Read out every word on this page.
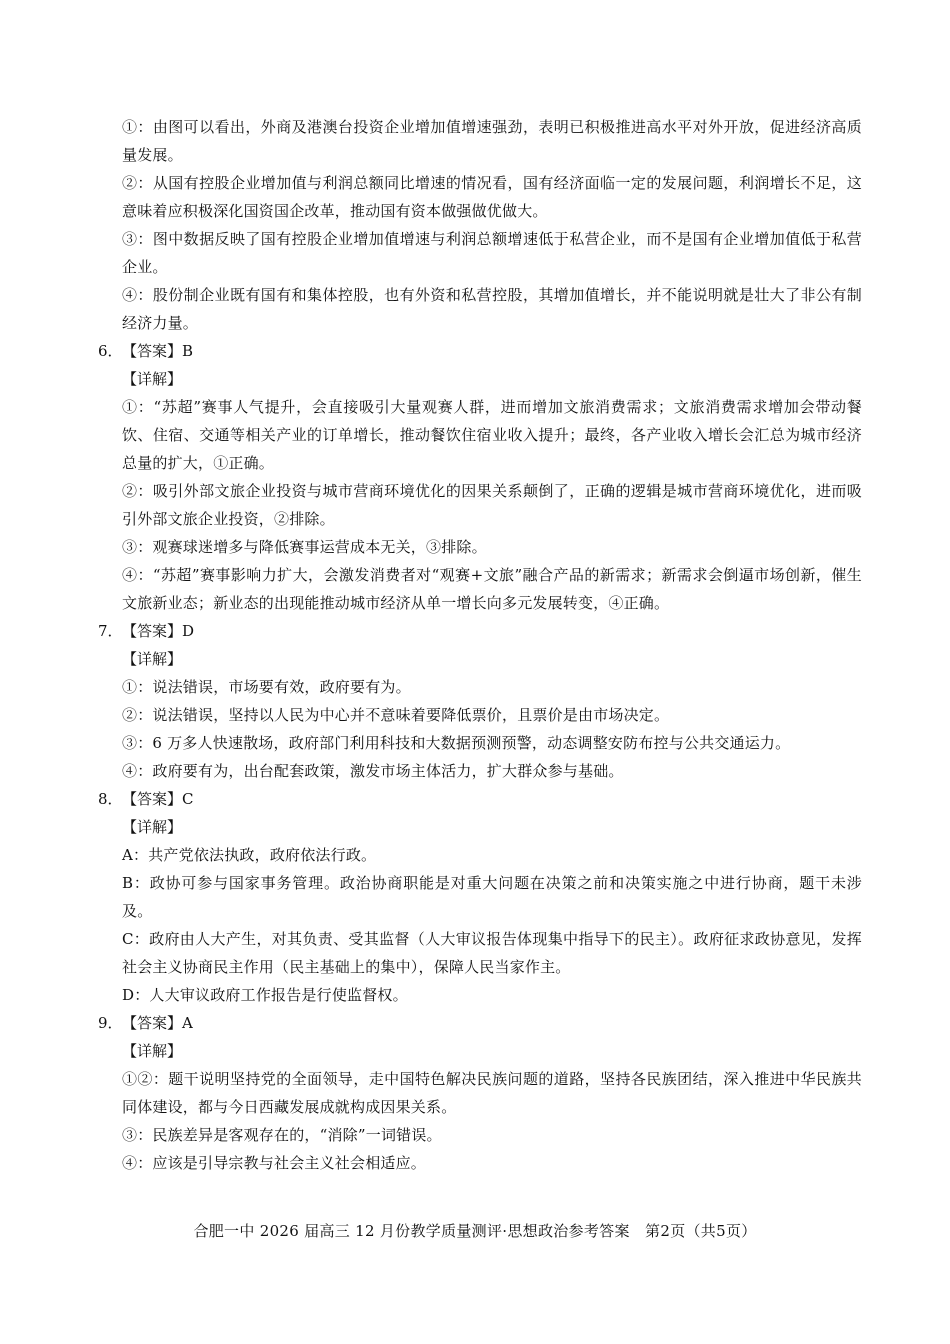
①：由图可以看出，外商及港澳台投资企业增加值增速强劲，表明已积极推进高水平对外开放，促进经济高质量发展。

②：从国有控股企业增加值与利润总额同比增速的情况看，国有经济面临一定的发展问题，利润增长不足，这意味着应积极深化国资国企改革，推动国有资本做强做优做大。

③：图中数据反映了国有控股企业增加值增速与利润总额增速低于私营企业，而不是国有企业增加值低于私营企业。

④：股份制企业既有国有和集体控股，也有外资和私营控股，其增加值增长，并不能说明就是壮大了非公有制经济力量。

6． 【答案】B

【详解】

①：“苏超”赛事人气提升，会直接吸引大量观赛人群，进而增加文旅消费需求；文旅消费需求增加会带动餐饮、住宿、交通等相关产业的订单增长，推动餐饮住宿业收入提升；最终，各产业收入增长会汇总为城市经济总量的扩大，①正确。

②：吸引外部文旅企业投资与城市营商环境优化的因果关系颠倒了，正确的逻辑是城市营商环境优化，进而吸引外部文旅企业投资，②排除。

③：观赛球迷增多与降低赛事运营成本无关，③排除。

④：“苏超”赛事影响力扩大，会激发消费者对“观赛+文旅”融合产品的新需求；新需求会倒逼市场创新，催生文旅新业态；新业态的出现能推动城市经济从单一增长向多元发展转变，④正确。

7． 【答案】D

【详解】

①：说法错误，市场要有效，政府要有为。

②：说法错误，坚持以人民为中心并不意味着要降低票价，且票价是由市场决定。

③：6 万多人快速散场，政府部门利用科技和大数据预测预警，动态调整安防布控与公共交通运力。

④：政府要有为，出台配套政策，激发市场主体活力，扩大群众参与基础。

8． 【答案】C

【详解】

A：共产党依法执政，政府依法行政。

B：政协可参与国家事务管理。政治协商职能是对重大问题在决策之前和决策实施之中进行协商，题干未涉及。

C：政府由人大产生，对其负责、受其监督（人大审议报告体现集中指导下的民主）。政府征求政协意见，发挥社会主义协商民主作用（民主基础上的集中），保障人民当家作主。

D：人大审议政府工作报告是行使监督权。

9． 【答案】A

【详解】

①②：题干说明坚持党的全面领导，走中国特色解决民族问题的道路，坚持各民族团结，深入推进中华民族共同体建设，都与今日西藏发展成就构成因果关系。

③：民族差异是客观存在的，“消除”一词错误。

④：应该是引导宗教与社会主义社会相适应。

合肥一中 2026 届高三 12 月份教学质量测评·思想政治参考答案　第2页（共5页）
